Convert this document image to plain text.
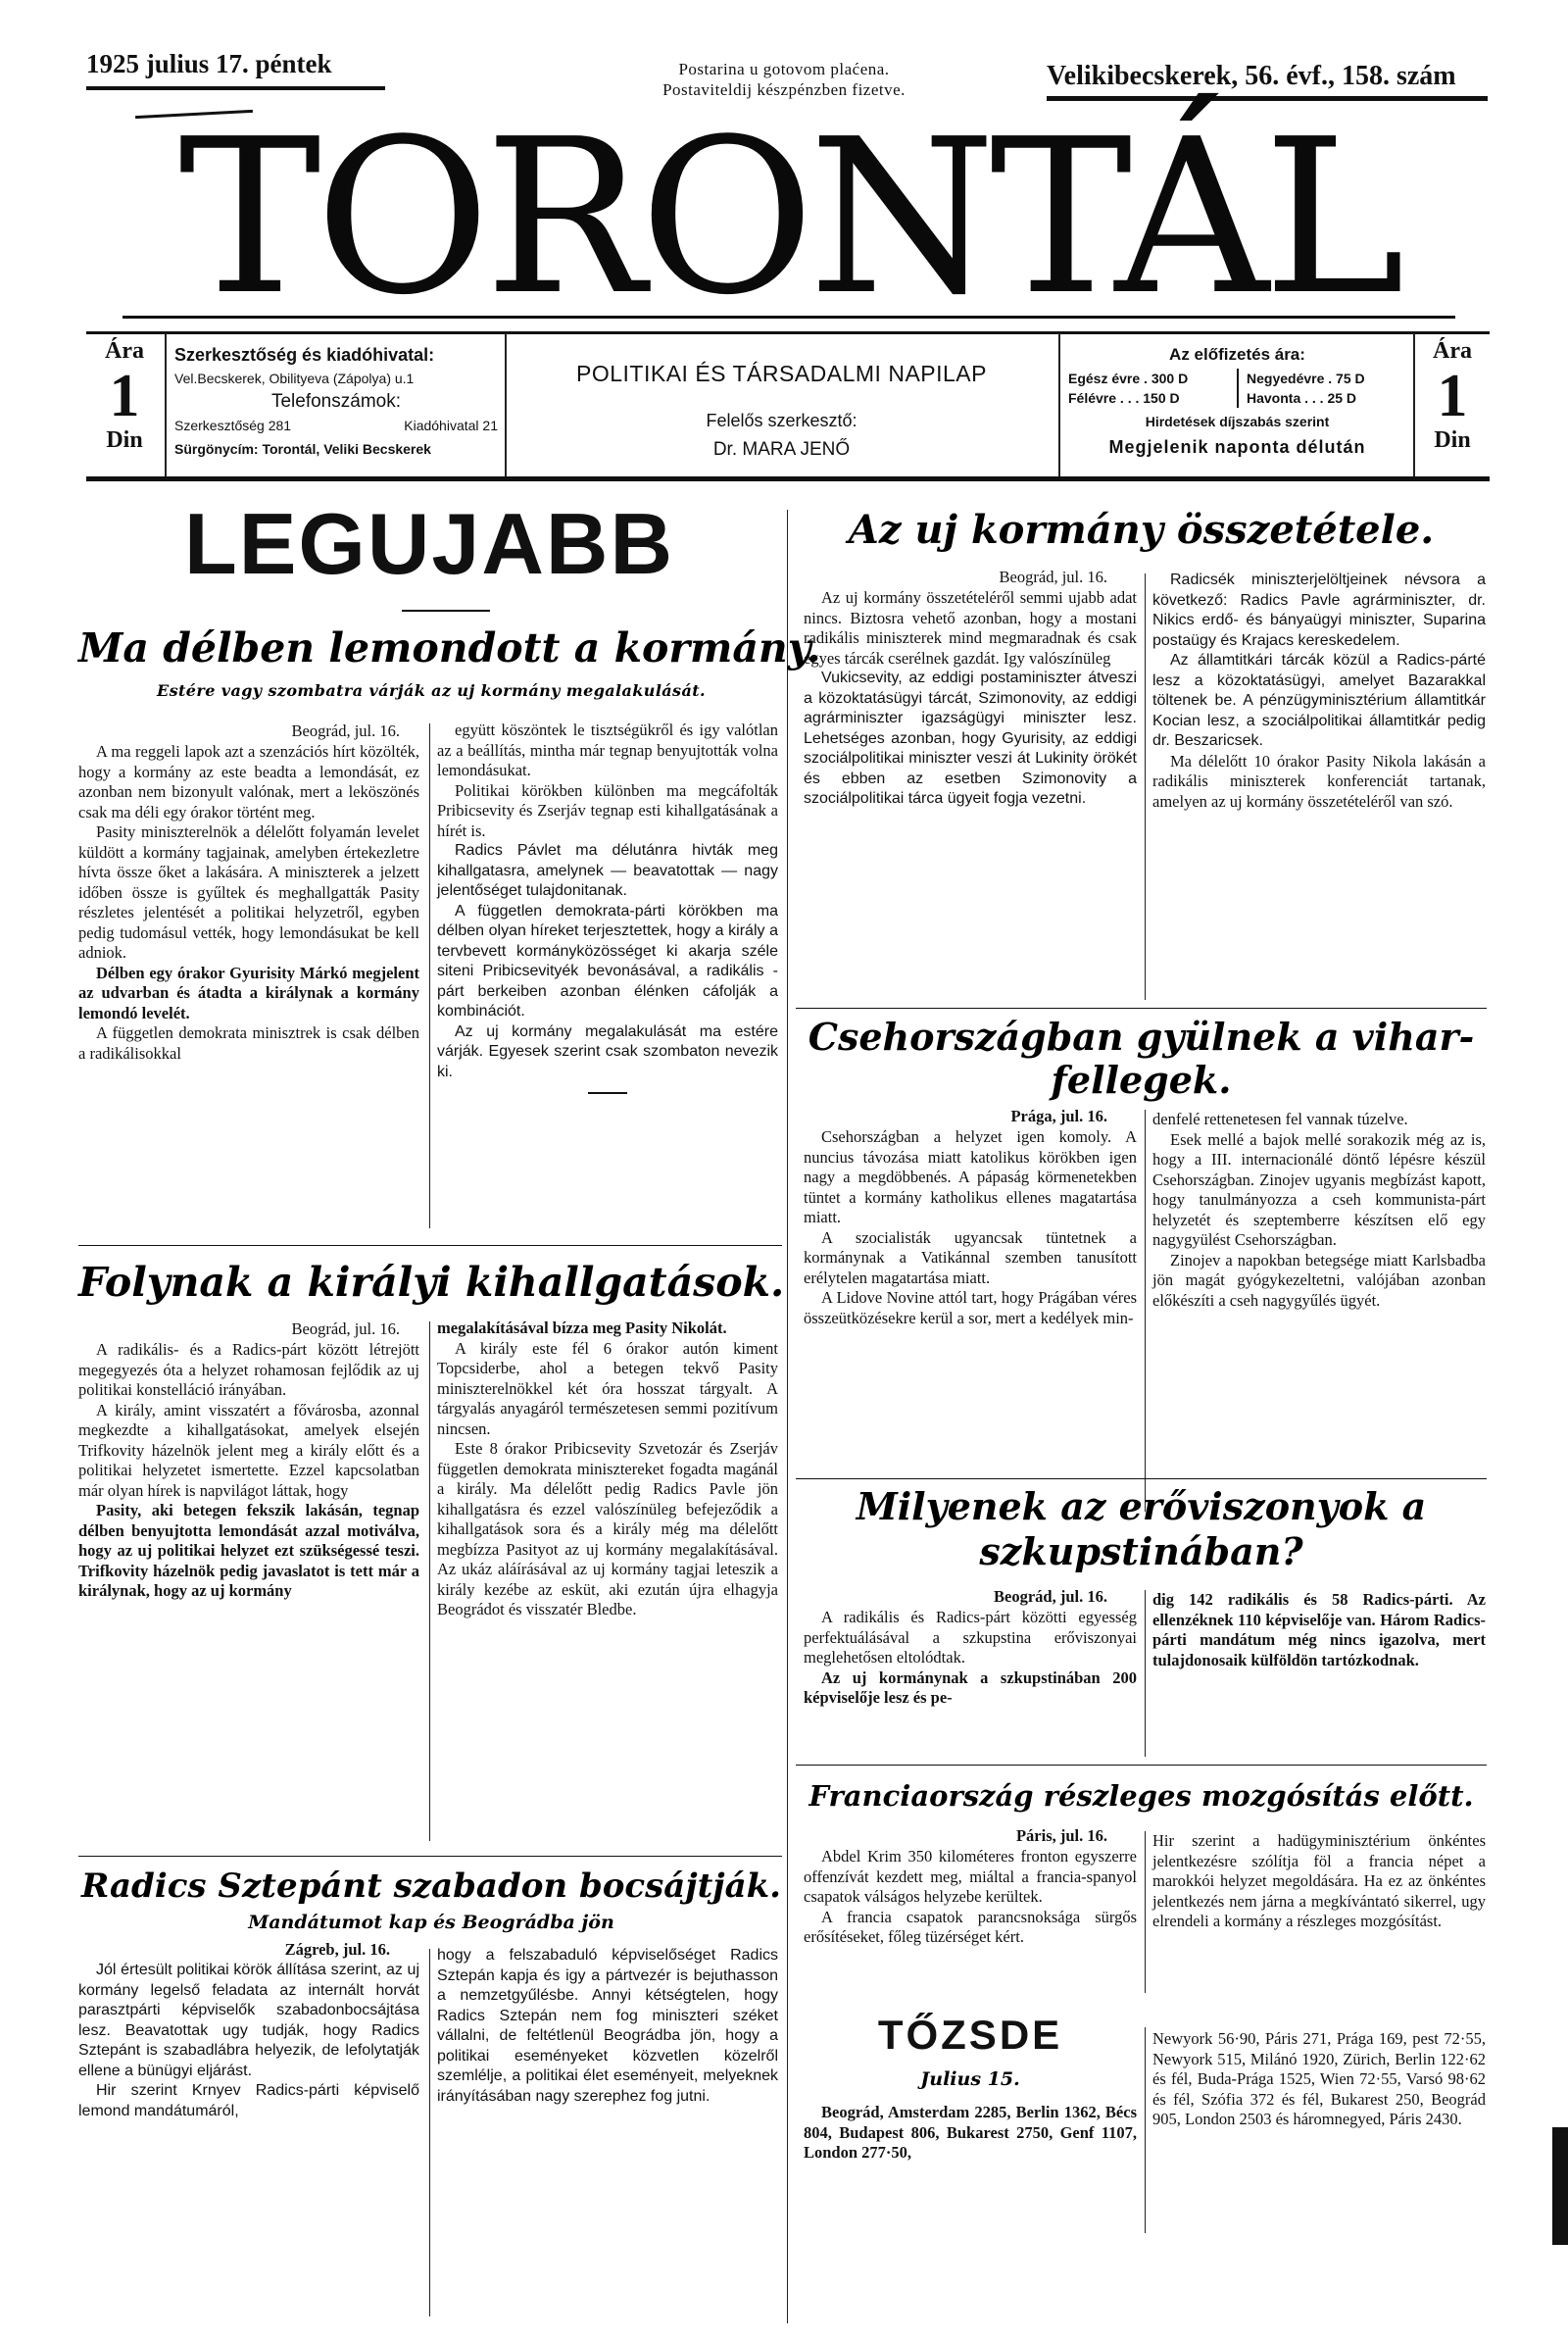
1925 julius 17. péntek	Postarina u gotovom plaćena.
Postaviteldij készpénzben fizetve.	Velikibecskerek, 56. évf., 158. szám
TORONTÁL
Ára
1
Din
Szerkesztőség és kiadóhivatal:
Vel.Becskerek, Obilityeva (Zápolya) u.1
Telefonszámok:
Szerkesztőség 281	Kiadóhivatal 21
Sürgönycím: Torontál, Veliki Becskerek
POLITIKAI ÉS TÁRSADALMI NAPILAP
Felelős szerkesztő:
Dr. MARA JENŐ
Az előfizetés ára:
Egész évre . 300 D	Negyedévre . 75 D
Félévre . . . 150 D	Havonta . . . 25 D
Hirdetések díjszabás szerint
Megjelenik naponta délután
Ára
1
Din
LEGUJABB
Ma délben lemondott a kormány.
Estére vagy szombatra várják az uj kormány megalakulását.
Beográd, jul. 16.

A ma reggeli lapok azt a szenzációs hírt közölték, hogy a kormány az este beadta a lemondását, ez azonban nem bizonyult valónak, mert a leköszönés csak ma déli egy órakor történt meg.

Pasity miniszterelnök a délelőtt folyamán levelet küldött a kormány tagjainak, amelyben értekezletre hívta össze őket a lakására. A miniszterek a jelzett időben össze is gyűltek és meghallgatták Pasity részletes jelentését a politikai helyzetről, egyben pedig tudomásul vették, hogy lemondásukat be kell adniok.

Délben egy órakor Gyurisity Márkó megjelent az udvarban és átadta a királynak a kormány lemondó levelét.

A független demokrata minisztrek is csak délben a radikálisokkal

együtt köszöntek le tisztségükről és igy valótlan az a beállítás, mintha már tegnap benyujtották volna lemondásukat.

Politikai körökben különben ma megcáfolták Pribicsevity és Zserjáv tegnap esti kihallgatásának a hírét is.

Radics Pávlet ma délutánra hivták meg kihallgatasra, amelynek — beavatottak — nagy jelentőséget tulajdonitanak.

A független demokrata-párti körökben ma délben olyan híreket terjesztettek, hogy a király a tervbevett kormányközösséget ki akarja széle siteni Pribicsevityék bevonásával, a radikális - párt berkeiben azonban élénken cáfolják a kombinációt.

Az uj kormány megalakulását ma estére várják. Egyesek szerint csak szombaton nevezik ki.

Folynak a királyi kihallgatások.
Beográd, jul. 16.

A radikális- és a Radics-párt között létrejött megegyezés óta a helyzet rohamosan fejlődik az uj politikai konstelláció irányában.

A király, amint visszatért a fővárosba, azonnal megkezdte a kihallgatásokat, amelyek elsején Trifkovity házelnök jelent meg a király előtt és a politikai helyzetet ismertette. Ezzel kapcsolatban már olyan hírek is napvilágot láttak, hogy

Pasity, aki betegen fekszik lakásán, tegnap délben benyujtotta lemondását azzal motiválva, hogy az uj politikai helyzet ezt szükségessé teszi. Trifkovity házelnök pedig javaslatot is tett már a királynak, hogy az uj kormány

megalakításával bízza meg Pasity Nikolát.

A király este fél 6 órakor autón kiment Topcsiderbe, ahol a betegen tekvő Pasity miniszterelnökkel két óra hosszat tárgyalt. A tárgyalás anyagáról természetesen semmi pozitívum nincsen.

Este 8 órakor Pribicsevity Szvetozár és Zserjáv független demokrata minisztereket fogadta magánál a király. Ma délelőtt pedig Radics Pavle jön kihallgatásra és ezzel valószínüleg befejeződik a kihallgatások sora és a király még ma délelőtt megbízza Pasityot az uj kormány megalakításával. Az ukáz aláírásával az uj kormány tagjai leteszik a király kezébe az esküt, aki ezután újra elhagyja Beográdot és visszatér Bledbe.

Radics Sztepánt szabadon bocsájtják.
Mandátumot kap és Beográdba jön
Zágreb, jul. 16.

Jól értesült politikai körök állítása szerint, az uj kormány legelső feladata az internált horvát parasztpárti képviselők szabadonbocsájtása lesz. Beavatottak ugy tudják, hogy Radics Sztepánt is szabadlábra helyezik, de lefolytatják ellene a bünügyi eljárást.

Hir szerint Krnyev Radics-párti képviselő lemond mandátumáról,

hogy a felszabaduló képviselőséget Radics Sztepán kapja és igy a pártvezér is bejuthasson a nemzetgyűlésbe. Annyi kétségtelen, hogy Radics Sztepán nem fog miniszteri széket vállalni, de feltétlenül Beográdba jön, hogy a politikai eseményeket közvetlen közelről szemlélje, a politikai élet eseményeit, melyeknek irányításában nagy szerephez fog jutni.

Az uj kormány összetétele.
Beográd, jul. 16.

Az uj kormány összetételéről semmi ujabb adat nincs. Biztosra vehető azonban, hogy a mostani radikális miniszterek mind megmaradnak és csak egyes tárcák cserélnek gazdát. Igy valószínüleg

Vukicsevity, az eddigi postaminiszter átveszi a közoktatásügyi tárcát, Szimonovity, az eddigi agrárminiszter igazságügyi miniszter lesz. Lehetséges azonban, hogy Gyurisity, az eddigi szociálpolitikai miniszter veszi át Lukinity örökét és ebben az esetben Szimonovity a szociálpolitikai tárca ügyeit fogja vezetni.

Radicsék miniszterjelöltjeinek névsora a következő: Radics Pavle agrárminiszter, dr. Nikics erdő- és bányaügyi miniszter, Suparina postaügy és Krajacs kereskedelem.

Az államtitkári tárcák közül a Radics-párté lesz a közoktatásügyi, amelyet Bazarakkal töltenek be. A pénzügyminisztérium államtitkár Kocian lesz, a szociálpolitikai államtitkár pedig dr. Beszaricsek.

Ma délelőtt 10 órakor Pasity Nikola lakásán a radikális miniszterek konferenciát tartanak, amelyen az uj kormány összetételéről van szó.

Csehországban gyülnek a vihar-
fellegek.
Prága, jul. 16.

Csehországban a helyzet igen komoly. A nuncius távozása miatt katolikus körökben igen nagy a megdöbbenés. A pápaság körmenetekben tüntet a kormány katholikus ellenes magatartása miatt.

A szocialisták ugyancsak tüntetnek a kormánynak a Vatikánnal szemben tanusított erélytelen magatartása miatt.

A Lidove Novine attól tart, hogy Prágában véres összeütközésekre kerül a sor, mert a kedélyek min-

denfelé rettenetesen fel vannak túzelve.

Esek mellé a bajok mellé sorakozik még az is, hogy a III. internacionálé döntő lépésre készül Csehországban. Zinojev ugyanis megbízást kapott, hogy tanulmányozza a cseh kommunista-párt helyzetét és szeptemberre készítsen elő egy nagygyülést Csehországban.

Zinojev a napokban betegsége miatt Karlsbadba jön magát gyógykezeltetni, valójában azonban előkészíti a cseh nagygyűlés ügyét.

Milyenek az erőviszonyok a
szkupstinában?
Beográd, jul. 16.

A radikális és Radics-párt közötti egyesség perfektuálásával a szkupstina erőviszonyai meglehetősen eltolódtak.

Az uj kormánynak a szkupstinában 200 képviselője lesz és pe-

dig 142 radikális és 58 Radics-párti. Az ellenzéknek 110 képviselője van. Három Radics-párti mandátum még nincs igazolva, mert tulajdonosaik külföldön tartózkodnak.

Franciaország részleges mozgósítás előtt.
Páris, jul. 16.

Abdel Krim 350 kilométeres fronton egyszerre offenzívát kezdett meg, miáltal a francia-spanyol csapatok válságos helyzebe kerültek.

A francia csapatok parancsnoksága sürgős erősítéseket, főleg tüzérséget kért.

Hir szerint a hadügyminisztérium önkéntes jelentkezésre szólítja föl a francia népet a marokkói helyzet megoldására. Ha ez az önkéntes jelentkezés nem járna a megkívántató sikerrel, ugy elrendeli a kormány a részleges mozgósítást.

TŐZSDE
Julius 15.

Beográd, Amsterdam 2285, Berlin 1362, Bécs 804, Budapest 806, Bukarest 2750, Genf 1107, London 277·50,

Newyork 56·90, Páris 271, Prága 169, pest 72·55, Newyork 515, Milánó 1920, Zürich, Berlin 122·62 és fél, Buda-Prága 1525, Wien 72·55, Varsó 98·62 és fél, Szófia 372 és fél, Bukarest 250, Beográd 905, London 2503 és háromnegyed, Páris 2430.
